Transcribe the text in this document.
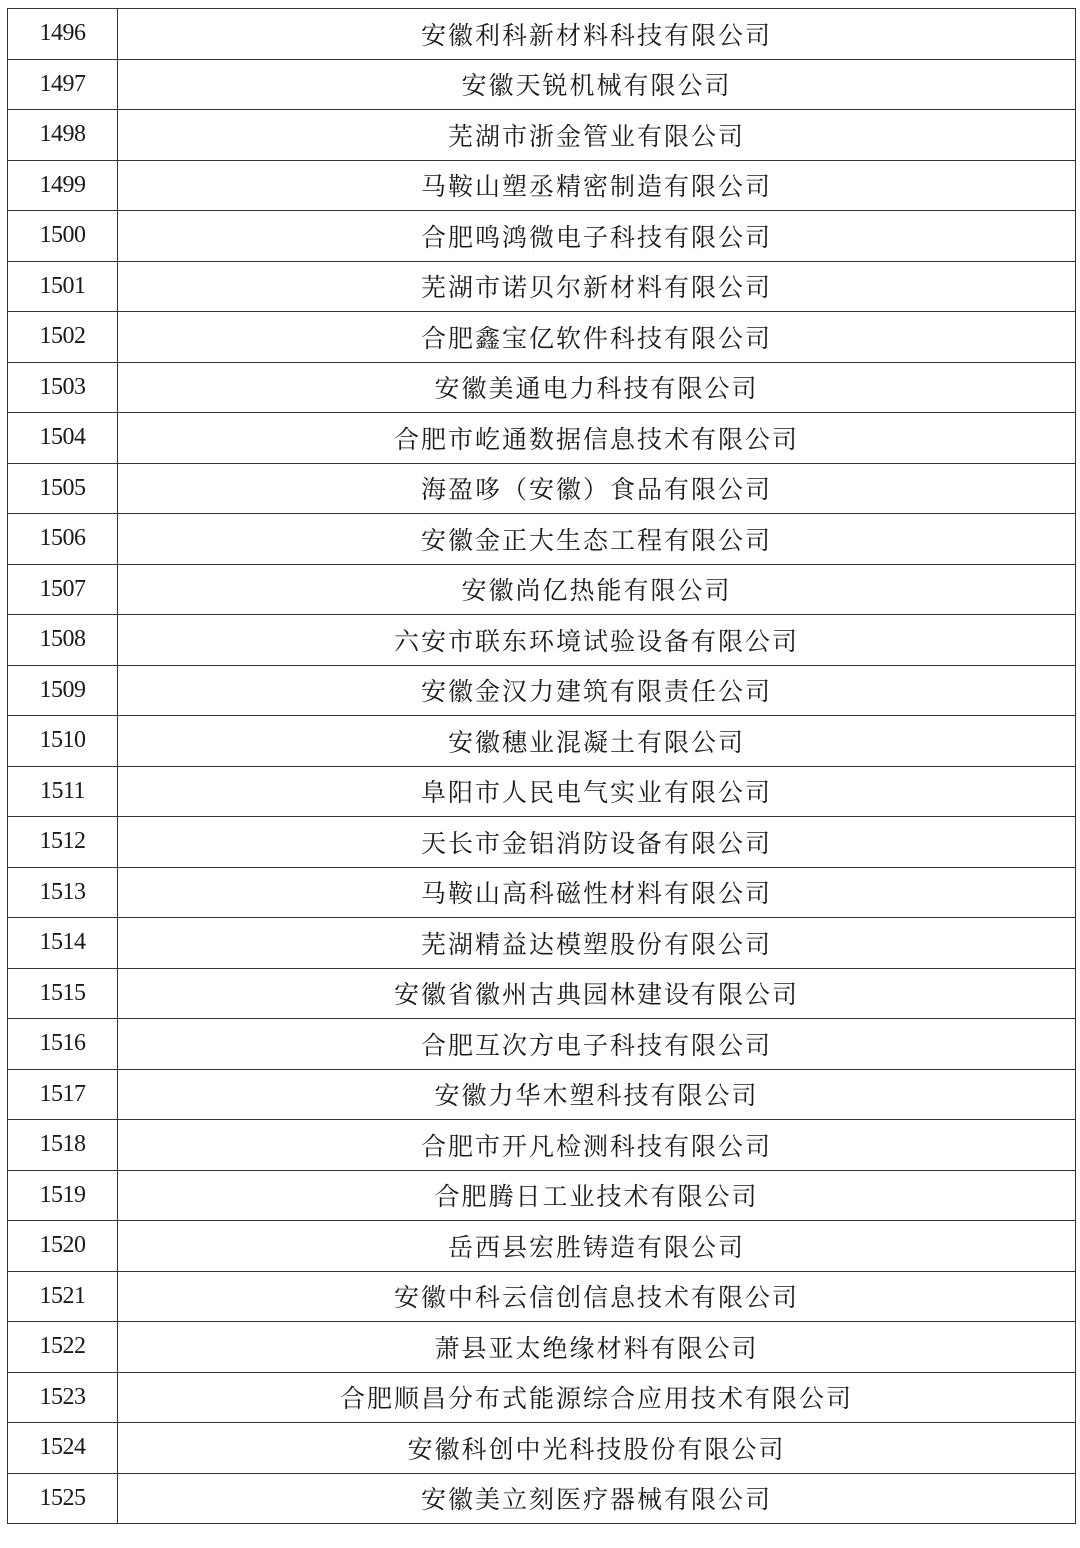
1496	安徽利科新材料科技有限公司
1497	安徽天锐机械有限公司
1498	芜湖市浙金管业有限公司
1499	马鞍山塑丞精密制造有限公司
1500	合肥鸣鸿微电子科技有限公司
1501	芜湖市诺贝尔新材料有限公司
1502	合肥鑫宝亿软件科技有限公司
1503	安徽美通电力科技有限公司
1504	合肥市屹通数据信息技术有限公司
1505	海盈哆（安徽）食品有限公司
1506	安徽金正大生态工程有限公司
1507	安徽尚亿热能有限公司
1508	六安市联东环境试验设备有限公司
1509	安徽金汉力建筑有限责任公司
1510	安徽穗业混凝土有限公司
1511	阜阳市人民电气实业有限公司
1512	天长市金铝消防设备有限公司
1513	马鞍山高科磁性材料有限公司
1514	芜湖精益达模塑股份有限公司
1515	安徽省徽州古典园林建设有限公司
1516	合肥互次方电子科技有限公司
1517	安徽力华木塑科技有限公司
1518	合肥市开凡检测科技有限公司
1519	合肥腾日工业技术有限公司
1520	岳西县宏胜铸造有限公司
1521	安徽中科云信创信息技术有限公司
1522	萧县亚太绝缘材料有限公司
1523	合肥顺昌分布式能源综合应用技术有限公司
1524	安徽科创中光科技股份有限公司
1525	安徽美立刻医疗器械有限公司
